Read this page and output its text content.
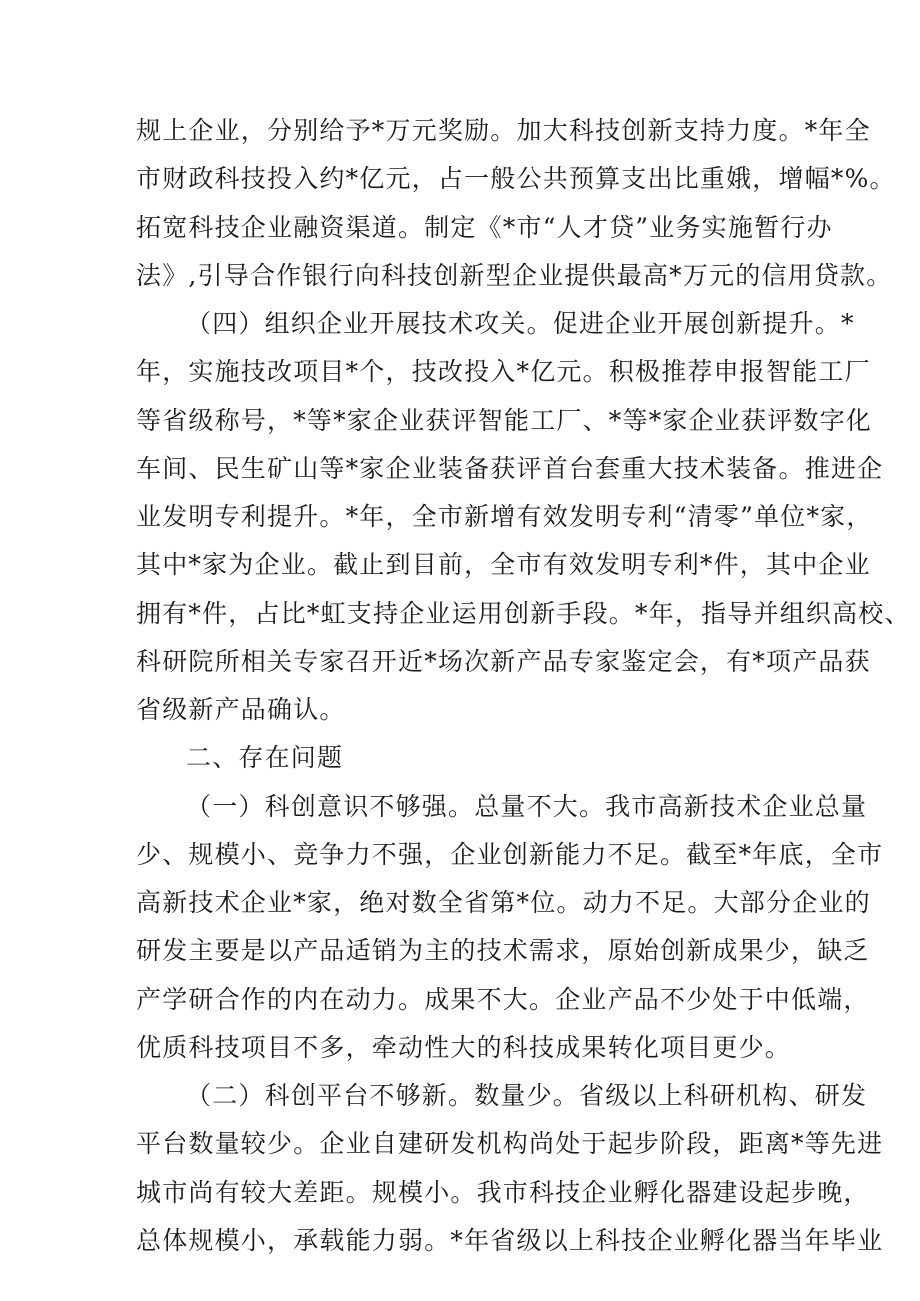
规上企业，分别给予*万元奖励。加大科技创新支持力度。*年全
市财政科技投入约*亿元，占一般公共预算支出比重娥，增幅*%。
拓宽科技企业融资渠道。制定《*市“人才贷”业务实施暂行办
法》,引导合作银行向科技创新型企业提供最高*万元的信用贷款。
（四）组织企业开展技术攻关。促进企业开展创新提升。*
年，实施技改项目*个，技改投入*亿元。积极推荐申报智能工厂
等省级称号，*等*家企业获评智能工厂、*等*家企业获评数字化
车间、民生矿山等*家企业装备获评首台套重大技术装备。推进企
业发明专利提升。*年，全市新增有效发明专利“清零”单位*家，
其中*家为企业。截止到目前，全市有效发明专利*件，其中企业
拥有*件，占比*虹支持企业运用创新手段。*年，指导并组织高校、
科研院所相关专家召开近*场次新产品专家鉴定会，有*项产品获
省级新产品确认。
二、存在问题
（一）科创意识不够强。总量不大。我市高新技术企业总量
少、规模小、竞争力不强，企业创新能力不足。截至*年底，全市
高新技术企业*家，绝对数全省第*位。动力不足。大部分企业的
研发主要是以产品适销为主的技术需求，原始创新成果少，缺乏
产学研合作的内在动力。成果不大。企业产品不少处于中低端，
优质科技项目不多，牵动性大的科技成果转化项目更少。
（二）科创平台不够新。数量少。省级以上科研机构、研发
平台数量较少。企业自建研发机构尚处于起步阶段，距离*等先进
城市尚有较大差距。规模小。我市科技企业孵化器建设起步晚，
总体规模小，承载能力弱。*年省级以上科技企业孵化器当年毕业
